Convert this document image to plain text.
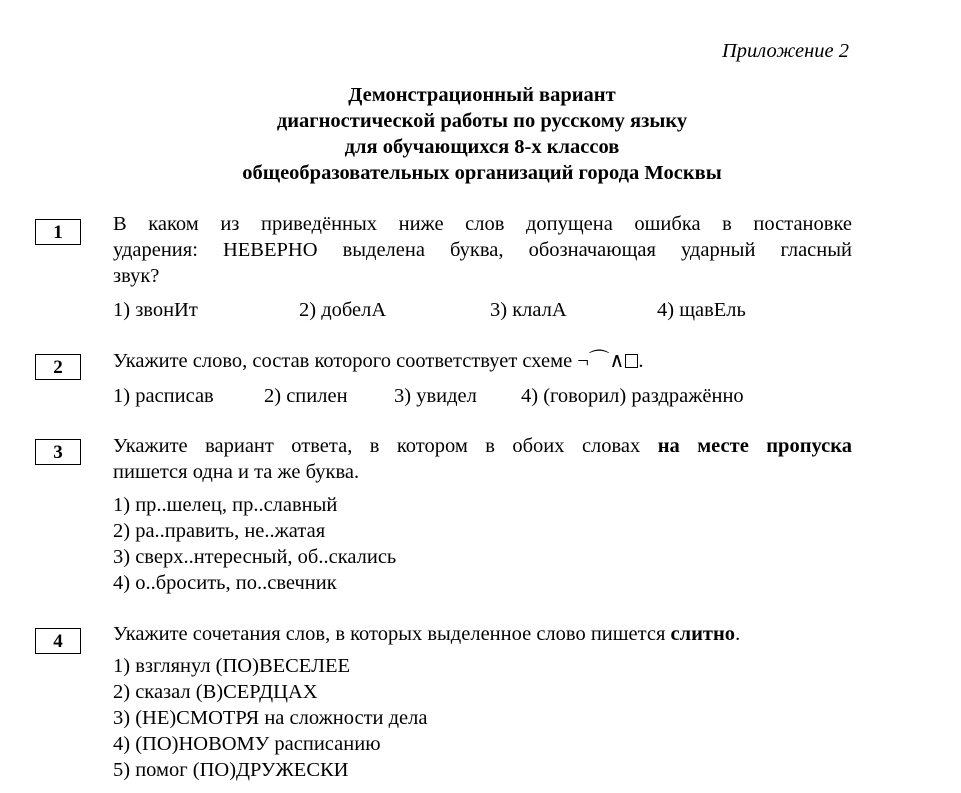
Приложение 2
Демонстрационный вариант
диагностической работы по русскому языку
для обучающихся 8-х классов
общеобразовательных организаций города Москвы
1	В каком из приведённых ниже слов допущена ошибка в постановке
ударения: НЕВЕРНО выделена буква, обозначающая ударный гласный
звук?
1) звонИт	2) добелА	3) клалА	4) щавЕль
2	Укажите слово, состав которого соответствует схеме ¬⌒∧ .
1) расписав 2) спилен 3) увидел 4) (говорил) раздражённо
3	Укажите вариант ответа, в котором в обоих словах на месте пропуска
пишется одна и та же буква.
1) пр..шелец, пр..славный
2) ра..править, не..жатая
3) сверх..нтересный, об..скались
4) о..бросить, по..свечник
4	Укажите сочетания слов, в которых выделенное слово пишется слитно.
1) взглянул (ПО)ВЕСЕЛЕЕ
2) сказал (В)СЕРДЦАХ
3) (НЕ)СМОТРЯ на сложности дела
4) (ПО)НОВОМУ расписанию
5) помог (ПО)ДРУЖЕСКИ
